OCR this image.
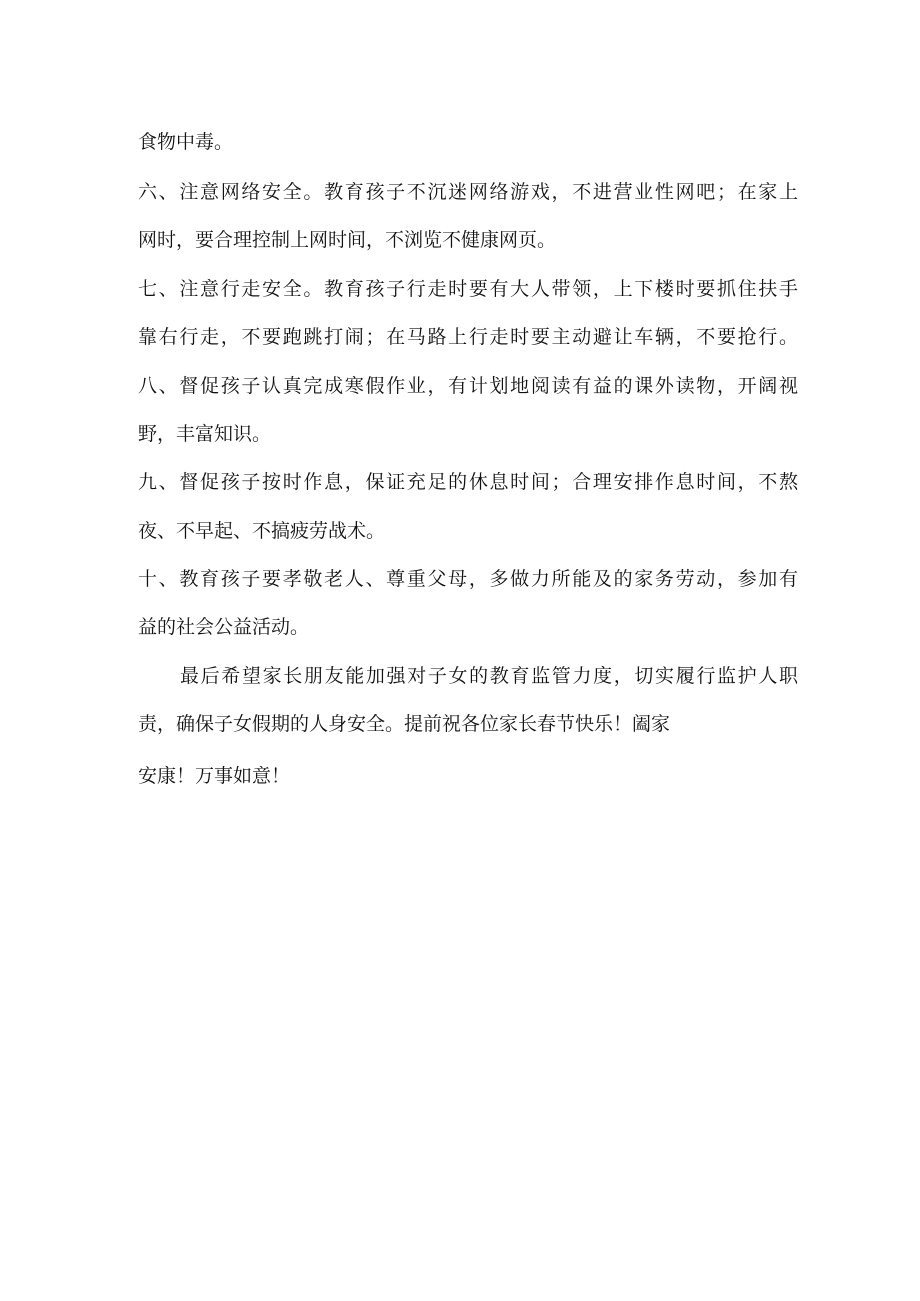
食物中毒。
六、注意网络安全。教育孩子不沉迷网络游戏，不进营业性网吧；在家上
网时，要合理控制上网时间，不浏览不健康网页。
七、注意行走安全。教育孩子行走时要有大人带领，上下楼时要抓住扶手
靠右行走，不要跑跳打闹；在马路上行走时要主动避让车辆，不要抢行。
八、督促孩子认真完成寒假作业，有计划地阅读有益的课外读物，开阔视
野，丰富知识。
九、督促孩子按时作息，保证充足的休息时间；合理安排作息时间，不熬
夜、不早起、不搞疲劳战术。
十、教育孩子要孝敬老人、尊重父母，多做力所能及的家务劳动，参加有
益的社会公益活动。
最后希望家长朋友能加强对子女的教育监管力度，切实履行监护人职
责，确保子女假期的人身安全。提前祝各位家长春节快乐！阖家
安康！万事如意！
